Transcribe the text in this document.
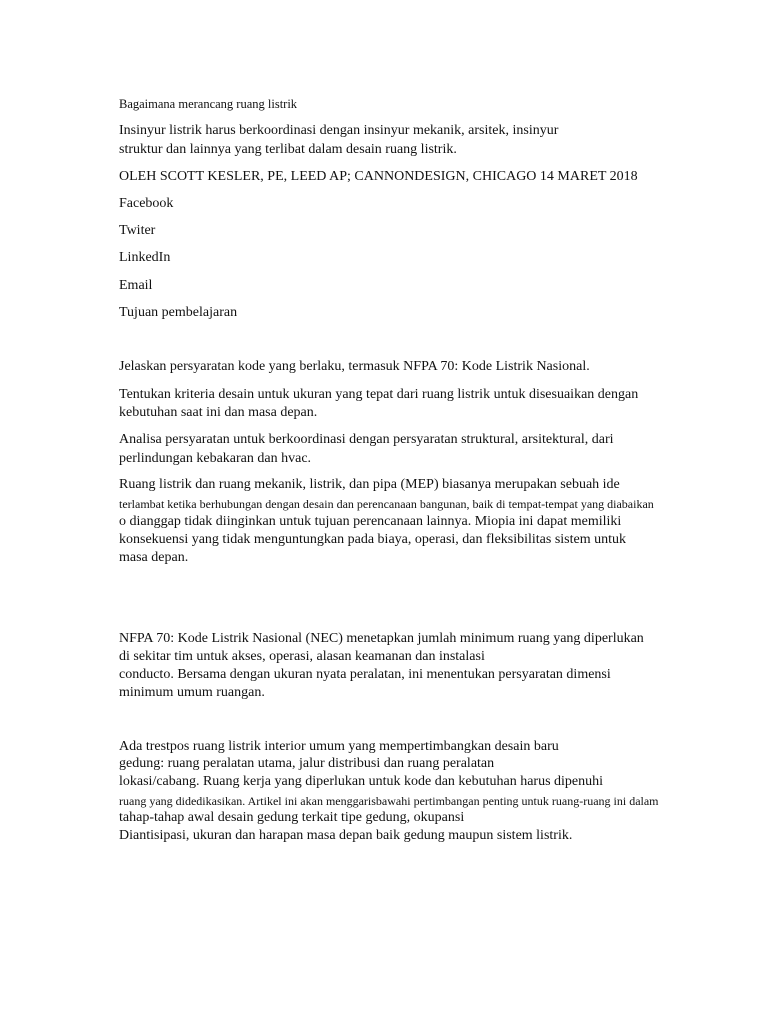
Bagaimana merancang ruang listrik
Insinyur listrik harus berkoordinasi dengan insinyur mekanik, arsitek, insinyur
struktur dan lainnya yang terlibat dalam desain ruang listrik.
OLEH SCOTT KESLER, PE, LEED AP; CANNONDESIGN, CHICAGO 14 MARET 2018
Facebook
Twiter
LinkedIn
Email
Tujuan pembelajaran
Jelaskan persyaratan kode yang berlaku, termasuk NFPA 70: Kode Listrik Nasional.
Tentukan kriteria desain untuk ukuran yang tepat dari ruang listrik untuk disesuaikan dengan
kebutuhan saat ini dan masa depan.
Analisa persyaratan untuk berkoordinasi dengan persyaratan struktural, arsitektural, dari
perlindungan kebakaran dan hvac.
Ruang listrik dan ruang mekanik, listrik, dan pipa (MEP) biasanya merupakan sebuah ide
terlambat ketika berhubungan dengan desain dan perencanaan bangunan, baik di tempat-tempat yang diabaikan
o dianggap tidak diinginkan untuk tujuan perencanaan lainnya. Miopia ini dapat memiliki
konsekuensi yang tidak menguntungkan pada biaya, operasi, dan fleksibilitas sistem untuk
masa depan.
NFPA 70: Kode Listrik Nasional (NEC) menetapkan jumlah minimum ruang yang diperlukan
di sekitar tim untuk akses, operasi, alasan keamanan dan instalasi
conducto. Bersama dengan ukuran nyata peralatan, ini menentukan persyaratan dimensi
minimum umum ruangan.
Ada trestpos ruang listrik interior umum yang mempertimbangkan desain baru
gedung: ruang peralatan utama, jalur distribusi dan ruang peralatan
lokasi/cabang. Ruang kerja yang diperlukan untuk kode dan kebutuhan harus dipenuhi
ruang yang didedikasikan. Artikel ini akan menggarisbawahi pertimbangan penting untuk ruang-ruang ini dalam
tahap-tahap awal desain gedung terkait tipe gedung, okupansi
Diantisipasi, ukuran dan harapan masa depan baik gedung maupun sistem listrik.
